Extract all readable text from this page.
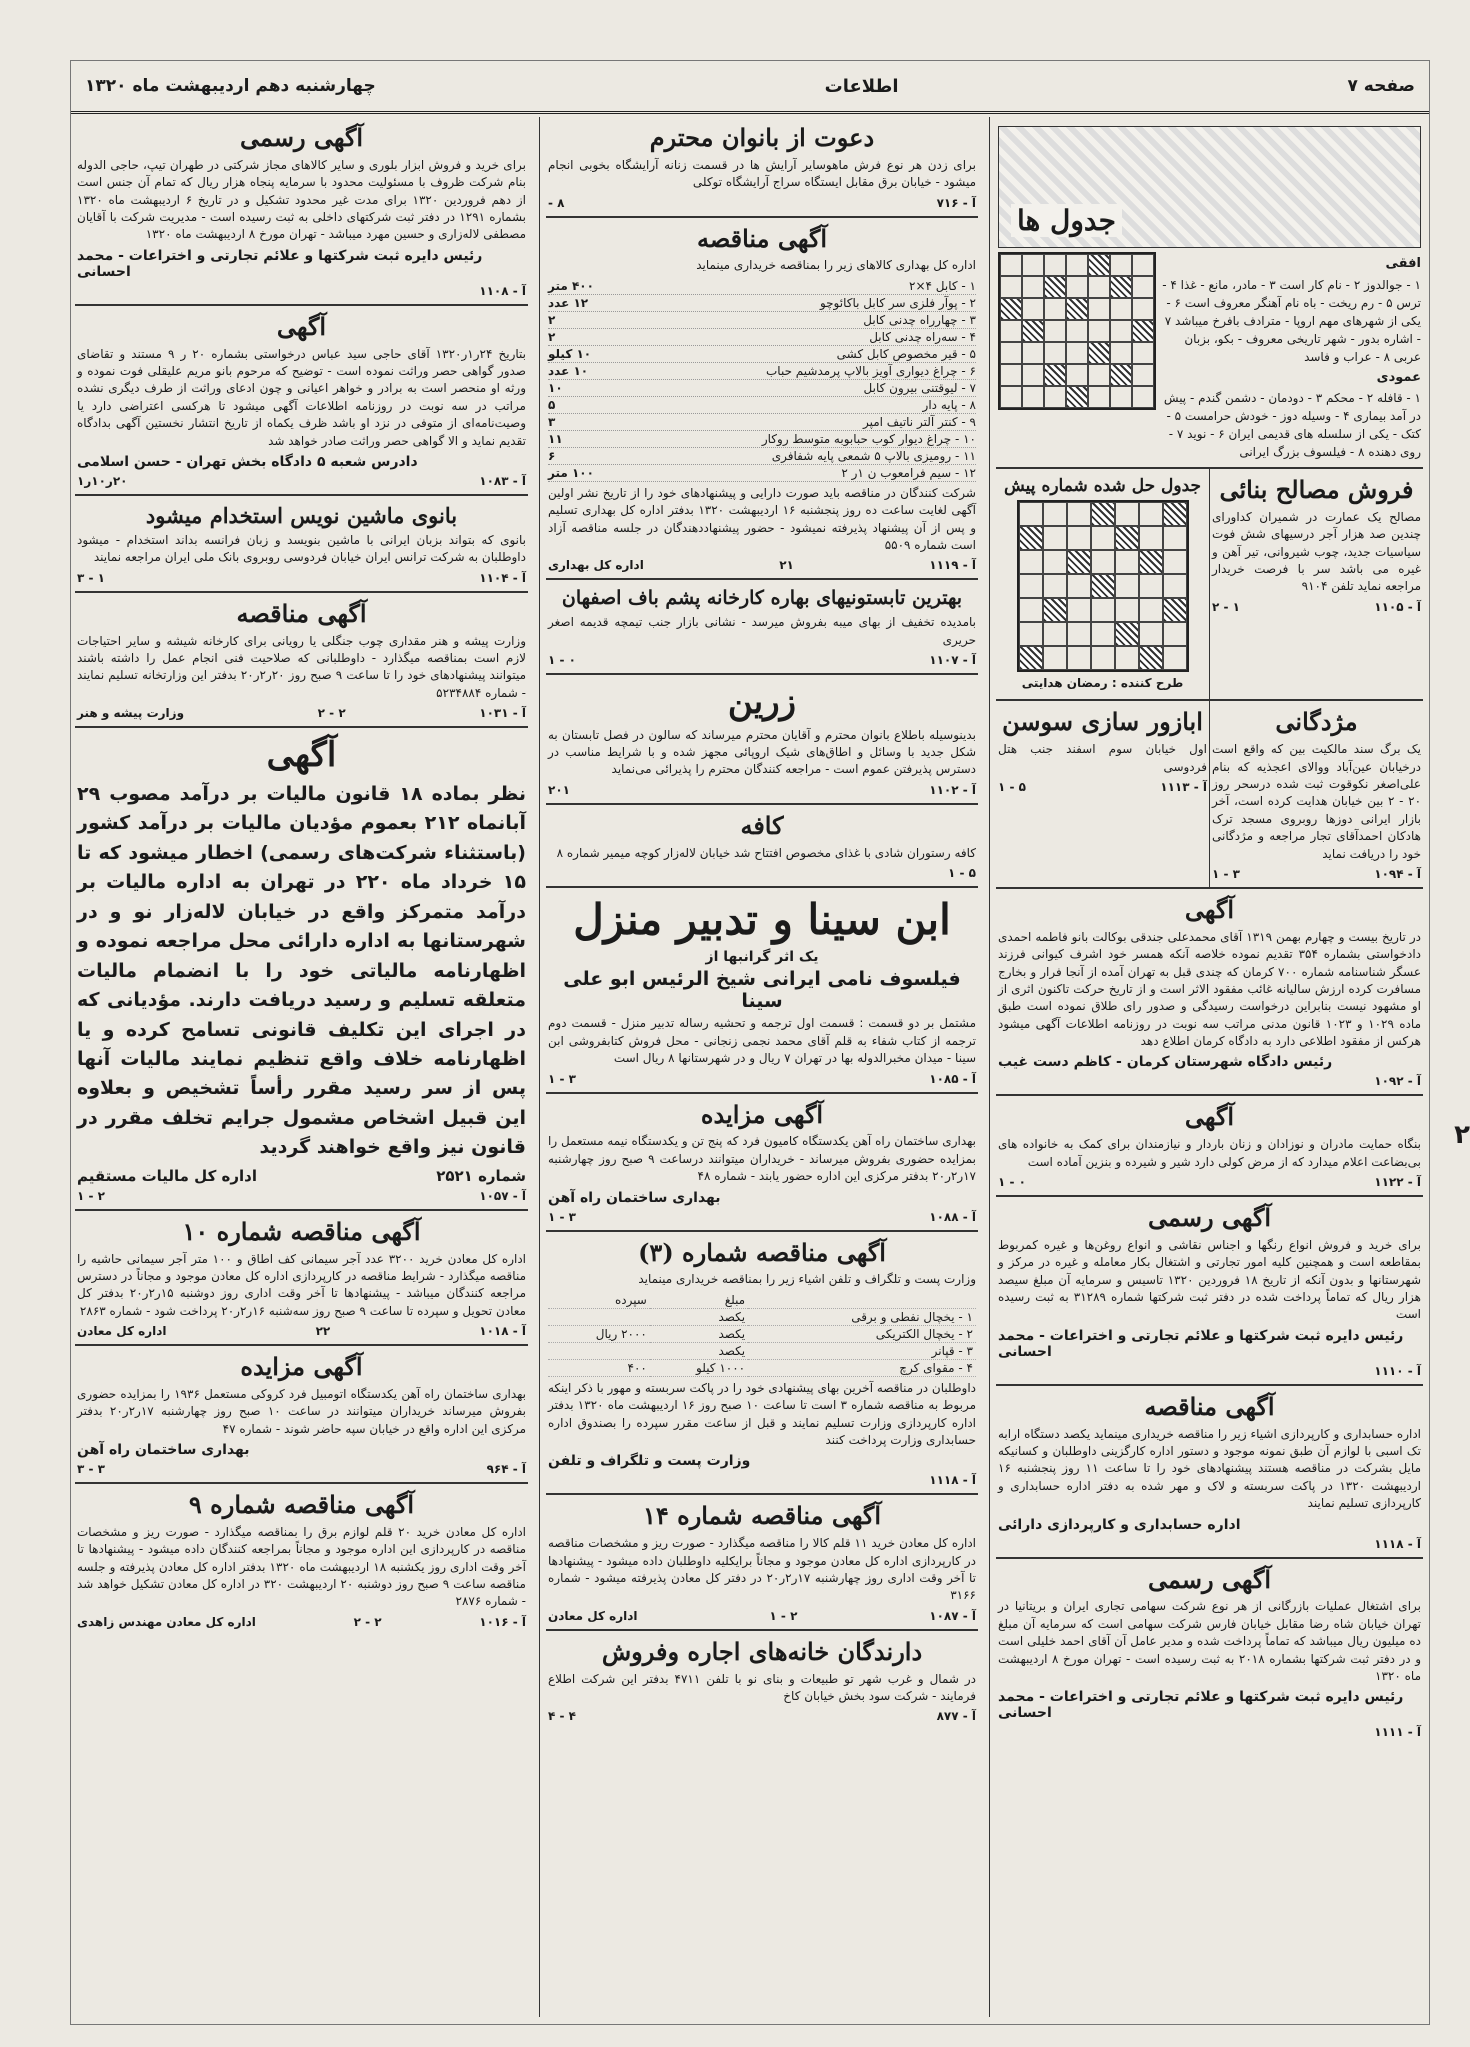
صفحه ۷
اطلاعات
چهارشنبه دهم اردیبهشت ماه ۱۳۲۰
جدول ها
افقی
۱ - جوالدوز ۲ - نام کار است ۳ - مادر، مانع - غذا ۴ - ترس ۵ - رم ریخت - باه نام آهنگر معروف است ۶ - یکی از شهرهای مهم اروپا - مترادف بافرخ میباشد ۷ - اشاره بدور - شهر تاریخی معروف - بکو، بزبان عربی ۸ - عراب و فاسد
عمودی
۱ - قافله ۲ - محکم ۳ - دودمان - دشمن گندم - پیش در آمد بیماری ۴ - وسیله دوز - خودش حرامست ۵ - کتک - یکی از سلسله های قدیمی ایران ۶ - نوید ۷ - روی دهنده ۸ - فیلسوف بزرگ ایرانی
فروش مصالح بنائی

مصالح یک عمارت در شمیران کداورای چندین صد هزار آجر درسیهای شش فوت سیاسیات جدید، چوب شیروانی، تیر آهن و غیره می باشد سر با فرصت خریدار مراجعه نماید تلفن ۹۱۰۴

آ - ۱۱۰۵
۱ - ۲
جدول حل شده شماره پیش
طرح کننده : رمضان هدایتی
مژدگانی

یک برگ سند مالکیت بین که واقع است درخیابان عین‌آباد ووالای اعجذیه که بنام علی‌اصغر نکوقوت ثبت شده درسحر روز ۲۰ - ۲ بین خیابان هدایت کرده است، آخر بازار ایرانی دوزها روبروی مسجد ترک هادکان احمدآقای تجار مراجعه و مژدگانی خود را دریافت نماید

آ - ۱۰۹۴
۳ - ۱
ابازور سازی سوسن

اول خیابان سوم اسفند جنب هتل فردوسی

آ - ۱۱۱۳
۵ - ۱
آگهی

در تاریخ بیست و چهارم بهمن ۱۳۱۹ آقای محمدعلی جندقی بوکالت بانو فاطمه احمدی دادخواستی بشماره ۳۵۴ تقدیم نموده خلاصه آنکه همسر خود اشرف کیوانی فرزند عسگر شناسنامه شماره ۷۰۰ کرمان که چندی قبل به تهران آمده از آنجا فرار و بخارج مسافرت کرده ارزش سالیانه غائب مفقود الاثر است و از تاریخ حرکت تاکنون اثری از او مشهود نیست بنابراین درخواست رسیدگی و صدور رای طلاق نموده است طبق ماده ۱۰۲۹ و ۱۰۲۳ قانون مدنی مراتب سه نوبت در روزنامه اطلاعات آگهی میشود هرکس از مفقود اطلاعی دارد به دادگاه کرمان اطلاع دهد

رئیس دادگاه شهرستان کرمان - کاظم دست غیب
آ - ۱۰۹۲
آگهی

بنگاه حمایت مادران و نوزادان و زنان باردار و نیازمندان برای کمک به خانواده های بی‌بضاعت اعلام میدارد که از مرض کولی دارد شیر و شیرده و بنزین آماده است

آ - ۱۱۲۲
۰ - ۱
آگهی رسمی

برای خرید و فروش انواع رنگها و اجناس نقاشی و انواع روغن‌ها و غیره کمربوط بمقاطعه است و همچنین کلیه امور تجارتی و اشتغال بکار معامله و غیره در مرکز و شهرستانها و بدون آنکه از تاریخ ۱۸ فروردین ۱۳۲۰ تاسیس و سرمایه آن مبلغ سیصد هزار ریال که تماماً پرداخت شده در دفتر ثبت شرکتها شماره ۳۱۲۸۹ به ثبت رسیده است

رئیس دایره ثبت شرکتها و علائم تجارتی و اختراعات - محمد احسانی
آ - ۱۱۱۰
آگهی مناقصه

اداره حسابداری و کارپردازی اشیاء زیر را مناقصه خریداری مینماید یکصد دستگاه ارابه تک اسبی با لوازم آن طبق نمونه موجود و دستور اداره کارگزینی داوطلبان و کسانیکه مایل بشرکت در مناقصه هستند پیشنهادهای خود را تا ساعت ۱۱ روز پنجشنبه ۱۶ اردیبهشت ۱۳۲۰ در پاکت سربسته و لاک و مهر شده به دفتر اداره حسابداری و کارپردازی تسلیم نمایند

اداره حسابداری و کارپردازی دارائی
آ - ۱۱۱۸
آگهی رسمی

برای اشتغال عملیات بازرگانی از هر نوع شرکت سهامی تجاری ایران و بریتانیا در تهران خیابان شاه رضا مقابل خیابان فارس شرکت سهامی است که سرمایه آن مبلغ ده میلیون ریال میباشد که تماماً پرداخت شده و مدیر عامل آن آقای احمد خلیلی است و در دفتر ثبت شرکتها بشماره ۲۰۱۸ به ثبت رسیده است - تهران مورخ ۸ اردیبهشت ماه ۱۳۲۰

رئیس دایره ثبت شرکتها و علائم تجارتی و اختراعات - محمد احسانی
آ - ۱۱۱۱
دعوت از بانوان محترم

برای زدن هر نوع فرش ماهوسایر آرایش ها در قسمت زنانه آرایشگاه بخوبی انجام میشود - خیابان برق مقابل ایستگاه سراج آرایشگاه توکلی

آ - ۷۱۶
۸ -
آگهی مناقصه

اداره کل بهداری کالاهای زیر را بمناقصه خریداری مینماید

۱ - کابل ۴×۲
۴۰۰ متر
۲ - پوآر فلزی سر کابل باکائوچو
۱۲ عدد
۳ - چهارراه چدنی کابل
۲
۴ - سه‌راه چدنی کابل
۲
۵ - قیر مخصوص کابل کشی
۱۰ کیلو
۶ - چراغ دیواری آویز بالاپ پرمدشیم حباب
۱۰ عدد
۷ - لیوقتنی بیرون کابل
۱۰
۸ - پایه دار
۵
۹ - کنتر آلتر ناتیف امپر
۳
۱۰ - چراغ دیوار کوب حبابوبه متوسط روکار
۱۱
۱۱ - رومیزی بالاپ ۵ شمعی پایه شفافری
۶
۱۲ - سیم فرامعوب ن ۱ر ۲
۱۰۰ متر

شرکت کنندگان در مناقصه باید صورت دارایی و پیشنهادهای خود را از تاریخ نشر اولین آگهی لغایت ساعت ده روز پنجشنبه ۱۶ اردیبهشت ۱۳۲۰ بدفتر اداره کل بهداری تسلیم و پس از آن پیشنهاد پذیرفته نمیشود - حضور پیشنهاددهندگان در جلسه مناقصه آزاد است شماره ۵۵۰۹

آ - ۱۱۱۹
۲۱
اداره کل بهداری
بهترین تابستونیهای بهاره کارخانه پشم باف اصفهان

بامدیده تخفیف از بهای میبه بفروش میرسد - نشانی بازار جنب تیمچه قدیمه اصغر حریری

آ - ۱۱۰۷
۰ - ۱
زرین

بدینوسیله باطلاع بانوان محترم و آقایان محترم میرساند که سالون در فصل تابستان به شکل جدید با وسائل و اطاق‌های شیک اروپائی مجهز شده و با شرایط مناسب در دسترس پذیرفتن عموم است - مراجعه کنندگان محترم را پذیرائی می‌نماید

آ - ۱۱۰۲
۲۰۱
کافه

کافه رستوران شادی با غذای مخصوص افتتاح شد خیابان لاله‌زار کوچه میمیر شماره ۸

۵ - ۱
ابن سینا و تدبیر منزل
یک اثر گرانبها از
فیلسوف نامی ایرانی شیخ الرئیس ابو علی سینا

مشتمل بر دو قسمت : قسمت اول ترجمه و تحشیه رساله تدبیر منزل - قسمت دوم ترجمه از کتاب شفاء به قلم آقای محمد نجمی زنجانی - محل فروش کتابفروشی ابن سینا - میدان مخبرالدوله بها در تهران ۷ ریال و در شهرستانها ۸ ریال است

آ - ۱۰۸۵
۳ - ۱
آگهی مزایده

بهداری ساختمان راه آهن یکدستگاه کامیون فرد که پنج تن و یکدستگاه نیمه مستعمل را بمزایده حضوری بفروش میرساند - خریداران میتوانند درساعت ۹ صبح روز چهارشنبه ۱۷ر۲ر۲۰ بدفتر مرکزی این اداره حضور یابند - شماره ۴۸

بهداری ساختمان راه آهن
آ - ۱۰۸۸
۳ - ۱
آگهی مناقصه شماره (۳)

وزارت پست و تلگراف و تلفن اشیاء زیر را بمناقصه خریداری مینماید

	مبلغ	سپرده
۱ - یخچال نفطی و برقی	یکصد	
۲ - یخچال الکتریکی	یکصد	۲۰۰۰ ریال
۳ - قپانر	یکصد	
۴ - مقوای کرچ	۱۰۰۰ کیلو	۴۰۰

داوطلبان در مناقصه آخرین بهای پیشنهادی خود را در پاکت سربسته و مهور با ذکر اینکه مربوط به مناقصه شماره ۳ است تا ساعت ۱۰ صبح روز ۱۶ اردیبهشت ماه ۱۳۲۰ بدفتر اداره کارپردازی وزارت تسلیم نمایند و قبل از ساعت مقرر سپرده را بصندوق اداره حسابداری وزارت پرداخت کنند

وزارت پست و تلگراف و تلفن
آ - ۱۱۱۸
آگهی مناقصه شماره ۱۴

اداره کل معادن خرید ۱۱ قلم کالا را مناقصه میگذارد - صورت ریز و مشخصات مناقصه در کارپردازی اداره کل معادن موجود و مجاناً برایکلیه داوطلبان داده میشود - پیشنهادها تا آخر وقت اداری روز چهارشنبه ۱۷ر۲ر۲۰ در دفتر کل معادن پذیرفته میشود - شماره ۳۱۶۶

آ - ۱۰۸۷
۲ - ۱
اداره کل معادن
دارندگان خانه‌های اجاره وفروش

در شمال و غرب شهر تو طبیعات و بنای نو با تلفن ۴۷۱۱ بدفتر این شرکت اطلاع فرمایند - شرکت سود بخش خیابان کاخ

آ - ۸۷۷
۴ - ۴
آگهی رسمی

برای خرید و فروش ابزار بلوری و سایر کالاهای مجاز شرکتی در طهران تیپ، حاجی الدوله بنام شرکت ظروف با مسئولیت محدود با سرمایه پنجاه هزار ریال که تمام آن جنس است از دهم فروردین ۱۳۲۰ برای مدت غیر محدود تشکیل و در تاریخ ۶ اردیبهشت ماه ۱۳۲۰ بشماره ۱۲۹۱ در دفتر ثبت شرکتهای داخلی به ثبت رسیده است - مدیریت شرکت با آقایان مصطفی لاله‌زاری و حسین مهرد میباشد - تهران مورخ ۸ اردیبهشت ماه ۱۳۲۰

رئیس دایره ثبت شرکتها و علائم تجارتی و اختراعات - محمد احسانی
آ - ۱۱۰۸
آگهی

بتاریخ ۲۴ر۱ر۱۳۲۰ آقای حاجی سید عباس درخواستی بشماره ۲۰ ر ۹ مستند و تقاضای صدور گواهی حصر وراثت نموده است - توضیح که مرحوم بانو مریم علیقلی فوت نموده و ورثه او منحصر است به برادر و خواهر اعیانی و چون ادعای وراثت از طرف دیگری نشده مراتب در سه نوبت در روزنامه اطلاعات آگهی میشود تا هرکسی اعتراضی دارد یا وصیت‌نامه‌ای از متوفی در نزد او باشد ظرف یکماه از تاریخ انتشار نخستین آگهی بدادگاه تقدیم نماید و الا گواهی حصر وراثت صادر خواهد شد

دادرس شعبه ۵ دادگاه بخش تهران - حسن اسلامی
آ - ۱۰۸۳
۲۰ر۱۰ر۱
بانوی ماشین نویس استخدام میشود

بانوی که بتواند بزبان ایرانی با ماشین بنویسد و زبان فرانسه بداند استخدام - میشود داوطلبان به شرکت ترانس ایران خیابان فردوسی روبروی بانک ملی ایران مراجعه نمایند

آ - ۱۱۰۴
۱ - ۳
آگهی مناقصه

وزارت پیشه و هنر مقداری چوب جنگلی یا رویانی برای کارخانه شیشه و سایر احتیاجات لازم است بمناقصه میگذارد - داوطلبانی که صلاحیت فنی انجام عمل را داشته باشند میتوانند پیشنهادهای خود را تا ساعت ۹ صبح روز ۲۰ر۲ر۲۰ بدفتر این وزارتخانه تسلیم نمایند - شماره ۵۲۳۴۸۸۴

آ - ۱۰۳۱
۲ - ۲
وزارت پیشه و هنر
آگهی

نظر بماده ۱۸ قانون مالیات بر درآمد مصوب ۲۹ آبانماه ۲۱۲ بعموم مؤدیان مالیات بر درآمد کشور (باستثناء شرکت‌های رسمی) اخطار میشود که تا ۱۵ خرداد ماه ۲۲۰ در تهران به اداره مالیات بر درآمد متمرکز واقع در خیابان لاله‌زار نو و در شهرستانها به اداره دارائی محل مراجعه نموده و اظهارنامه مالیاتی خود را با انضمام مالیات متعلقه تسلیم و رسید دریافت دارند. مؤدیانی که در اجرای این تکلیف قانونی تسامح کرده و یا اظهارنامه خلاف واقع تنظیم نمایند مالیات آنها پس از سر رسید مقرر رأساً تشخیص و بعلاوه این قبیل اشخاص مشمول جرایم تخلف مقرر در قانون نیز واقع خواهند گردید

شماره ۲۵۲۱
اداره کل مالیات مستقیم
آ - ۱۰۵۷
۲ - ۱
آگهی مناقصه شماره ۱۰

اداره کل معادن خرید ۳۲۰۰ عدد آجر سیمانی کف اطاق و ۱۰۰ متر آجر سیمانی حاشیه را مناقصه میگذارد - شرایط مناقصه در کارپردازی اداره کل معادن موجود و مجاناً در دسترس مراجعه کنندگان میباشد - پیشنهادها تا آخر وقت اداری روز دوشنبه ۱۵ر۲ر۲۰ بدفتر کل معادن تحویل و سپرده تا ساعت ۹ صبح روز سه‌شنبه ۱۶ر۲ر۲۰ پرداخت شود - شماره ۲۸۶۳

آ - ۱۰۱۸
۲۲
اداره کل معادن
آگهی مزایده

بهداری ساختمان راه آهن یکدستگاه اتومبیل فرد کروکی مستعمل ۱۹۳۶ را بمزایده حضوری بفروش میرساند خریداران میتوانند در ساعت ۱۰ صبح روز چهارشنبه ۱۷ر۲ر۲۰ بدفتر مرکزی این اداره واقع در خیابان سپه حاضر شوند - شماره ۴۷

بهداری ساختمان راه آهن
آ - ۹۶۴
۳ - ۳
آگهی مناقصه شماره ۹

اداره کل معادن خرید ۲۰ قلم لوازم برق را بمناقصه میگذارد - صورت ریز و مشخصات مناقصه در کارپردازی این اداره موجود و مجاناً بمراجعه کنندگان داده میشود - پیشنهادها تا آخر وقت اداری روز یکشنبه ۱۸ اردیبهشت ماه ۱۳۲۰ بدفتر اداره کل معادن پذیرفته و جلسه مناقصه ساعت ۹ صبح روز دوشنبه ۲۰ اردیبهشت ۳۲۰ در اداره کل معادن تشکیل خواهد شد - شماره ۲۸۷۶

آ - ۱۰۱۶
۲ - ۲
اداره کل معادن مهندس زاهدی
۲
